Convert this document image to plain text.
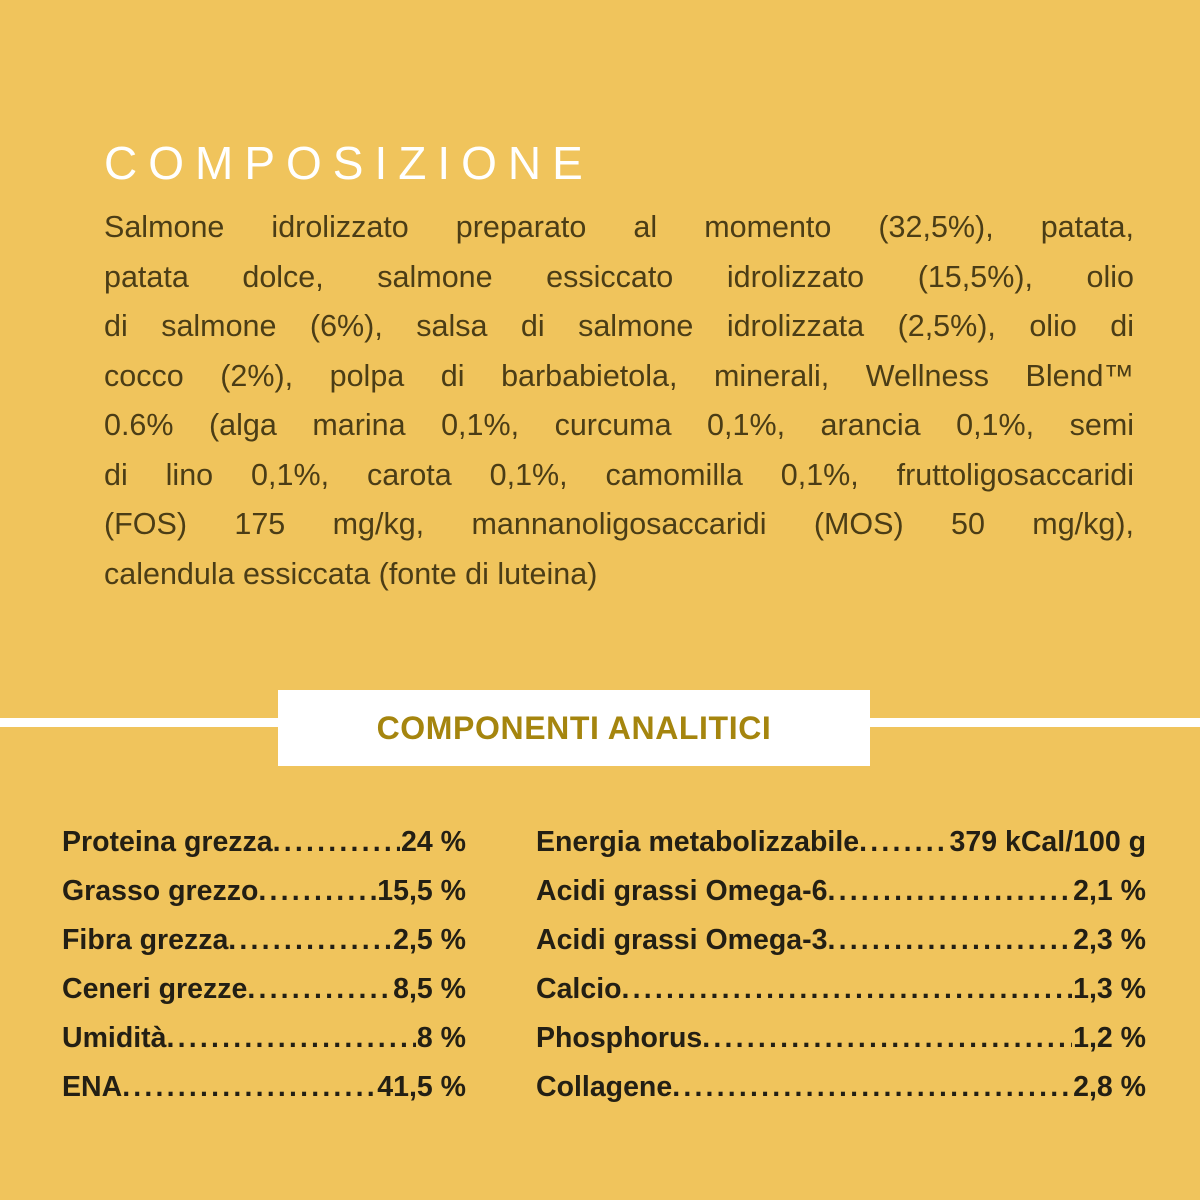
COMPOSIZIONE
Salmone idrolizzato preparato al momento (32,5%), patata,
patata dolce, salmone essiccato idrolizzato (15,5%), olio
di salmone (6%), salsa di salmone idrolizzata (2,5%), olio di
cocco (2%), polpa di barbabietola, minerali, Wellness Blend™
0.6% (alga marina 0,1%, curcuma 0,1%, arancia 0,1%, semi
di lino 0,1%, carota 0,1%, camomilla 0,1%, fruttoligosaccaridi
(FOS) 175 mg/kg, mannanoligosaccaridi (MOS) 50 mg/kg),
calendula essiccata (fonte di luteina)
COMPONENTI ANALITICI
Proteina grezza .....	24 %
Grasso grezzo .....	15,5 %
Fibra grezza .....	2,5 %
Ceneri grezze .....	8,5 %
Umidità .....	8 %
ENA .....	41,5 %
Energia metabolizzabile .....	379 kCal/100 g
Acidi grassi Omega-6 .....	2,1 %
Acidi grassi Omega-3 .....	2,3 %
Calcio .....	1,3 %
Phosphorus .....	1,2 %
Collagene .....	2,8 %
